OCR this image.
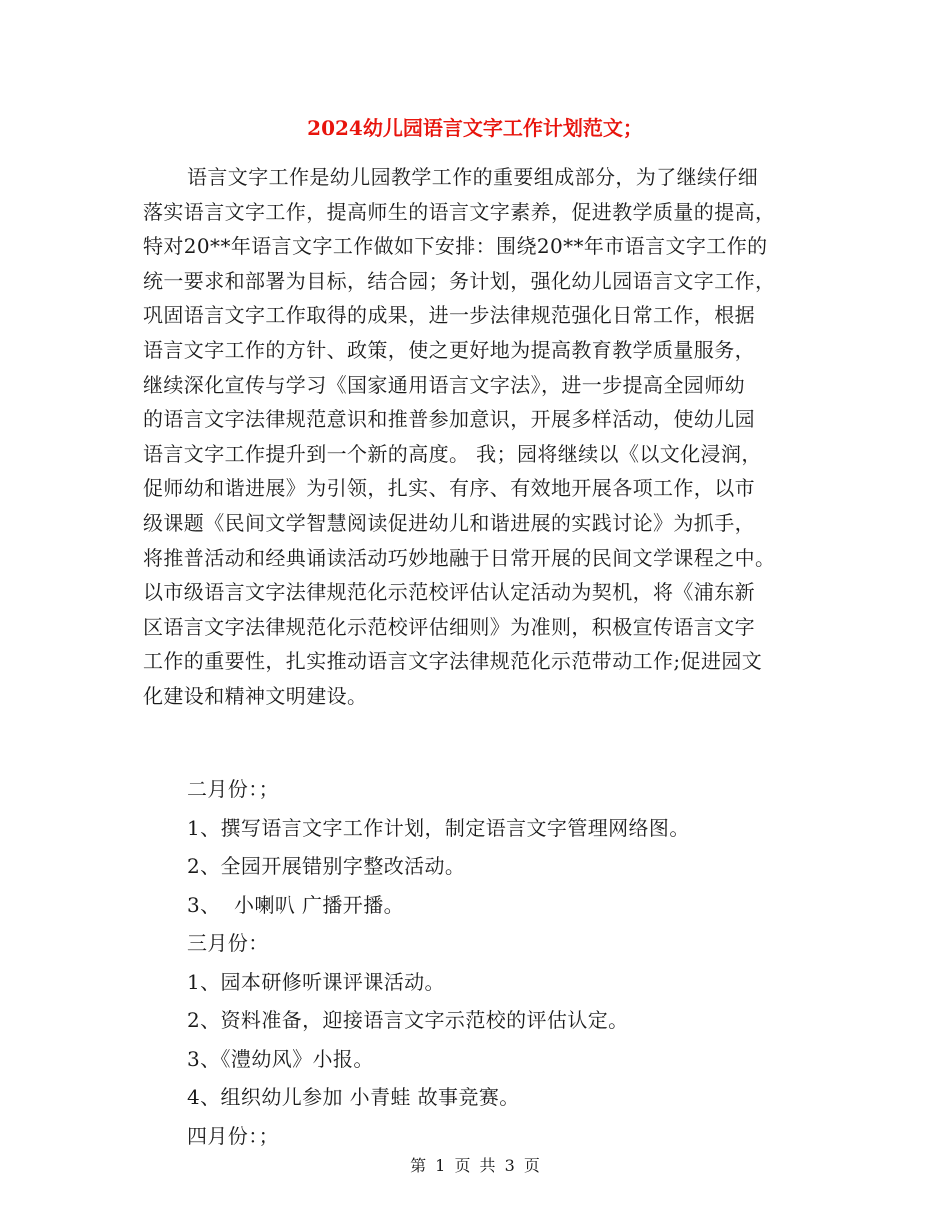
2024幼儿园语言文字工作计划范文；
语言文字工作是幼儿园教学工作的重要组成部分，为了继续仔细
落实语言文字工作，提高师生的语言文字素养，促进教学质量的提高，
特对20**年语言文字工作做如下安排：围绕20**年市语言文字工作的
统一要求和部署为目标，结合园；务计划，强化幼儿园语言文字工作，
巩固语言文字工作取得的成果，进一步法律规范强化日常工作，根据
语言文字工作的方针、政策，使之更好地为提高教育教学质量服务，
继续深化宣传与学习《国家通用语言文字法》，进一步提高全园师幼
的语言文字法律规范意识和推普参加意识，开展多样活动，使幼儿园
语言文字工作提升到一个新的高度。 我；园将继续以《以文化浸润，
促师幼和谐进展》为引领，扎实、有序、有效地开展各项工作，以市
级课题《民间文学智慧阅读促进幼儿和谐进展的实践讨论》为抓手，
将推普活动和经典诵读活动巧妙地融于日常开展的民间文学课程之中。
以市级语言文字法律规范化示范校评估认定活动为契机，将《浦东新
区语言文字法律规范化示范校评估细则》为准则，积极宣传语言文字
工作的重要性，扎实推动语言文字法律规范化示范带动工作;促进园文
化建设和精神文明建设。
二月份：；
1、撰写语言文字工作计划，制定语言文字管理网络图。
2、全园开展错别字整改活动。
3、  小喇叭 广播开播。
三月份：
1、园本研修听课评课活动。
2、资料准备，迎接语言文字示范校的评估认定。
3、《澧幼风》小报。
4、组织幼儿参加 小青蛙 故事竞赛。
四月份：；
第 1 页 共 3 页
